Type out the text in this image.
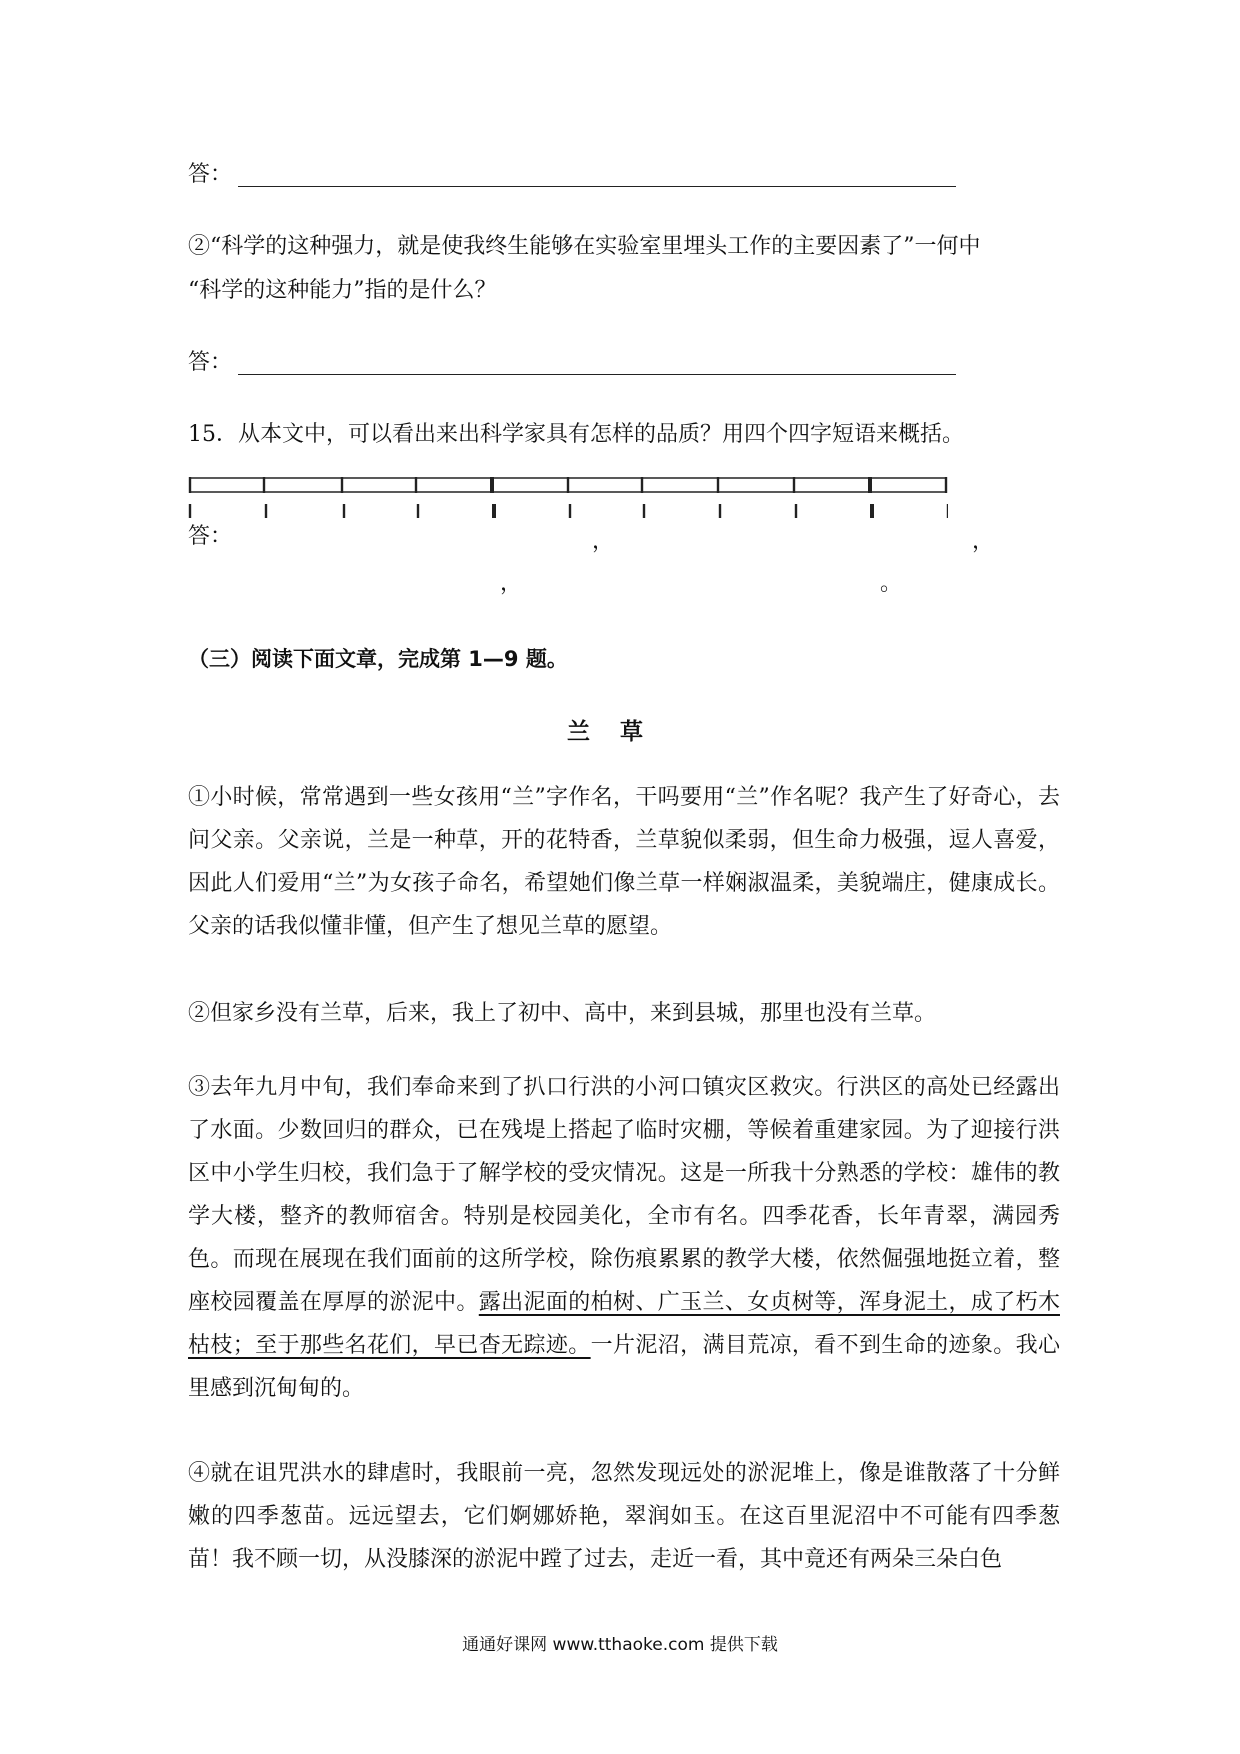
答：
②“科学的这种强力，就是使我终生能够在实验室里埋头工作的主要因素了”一何中
“科学的这种能力”指的是什么？
答：
15．从本文中，可以看出来出科学家具有怎样的品质？用四个四字短语来概括。
答：	，	，
，	。
（三）阅读下面文章，完成第 1—9 题。
兰草

①小时候，常常遇到一些女孩用“兰”字作名，干吗要用“兰”作名呢？我产生了好奇心，去问父亲。父亲说，兰是一种草，开的花特香，兰草貌似柔弱，但生命力极强，逗人喜爱，因此人们爱用“兰”为女孩子命名，希望她们像兰草一样娴淑温柔，美貌端庄，健康成长。父亲的话我似懂非懂，但产生了想见兰草的愿望。

②但家乡没有兰草，后来，我上了初中、高中，来到县城，那里也没有兰草。

③去年九月中旬，我们奉命来到了扒口行洪的小河口镇灾区救灾。行洪区的高处已经露出了水面。少数回归的群众，已在残堤上搭起了临时灾棚，等候着重建家园。为了迎接行洪区中小学生归校，我们急于了解学校的受灾情况。这是一所我十分熟悉的学校：雄伟的教学大楼，整齐的教师宿舍。特别是校园美化，全市有名。四季花香，长年青翠，满园秀色。而现在展现在我们面前的这所学校，除伤痕累累的教学大楼，依然倔强地挺立着，整座校园覆盖在厚厚的淤泥中。露出泥面的柏树、广玉兰、女贞树等，浑身泥土，成了朽木枯枝；至于那些名花们，早已杳无踪迹。一片泥沼，满目荒凉，看不到生命的迹象。我心里感到沉甸甸的。

④就在诅咒洪水的肆虐时，我眼前一亮，忽然发现远处的淤泥堆上，像是谁散落了十分鲜嫩的四季葱苗。远远望去，它们婀娜娇艳，翠润如玉。在这百里泥沼中不可能有四季葱苗！我不顾一切，从没膝深的淤泥中蹚了过去，走近一看，其中竟还有两朵三朵白色

通通好课网 www.tthaoke.com 提供下载
